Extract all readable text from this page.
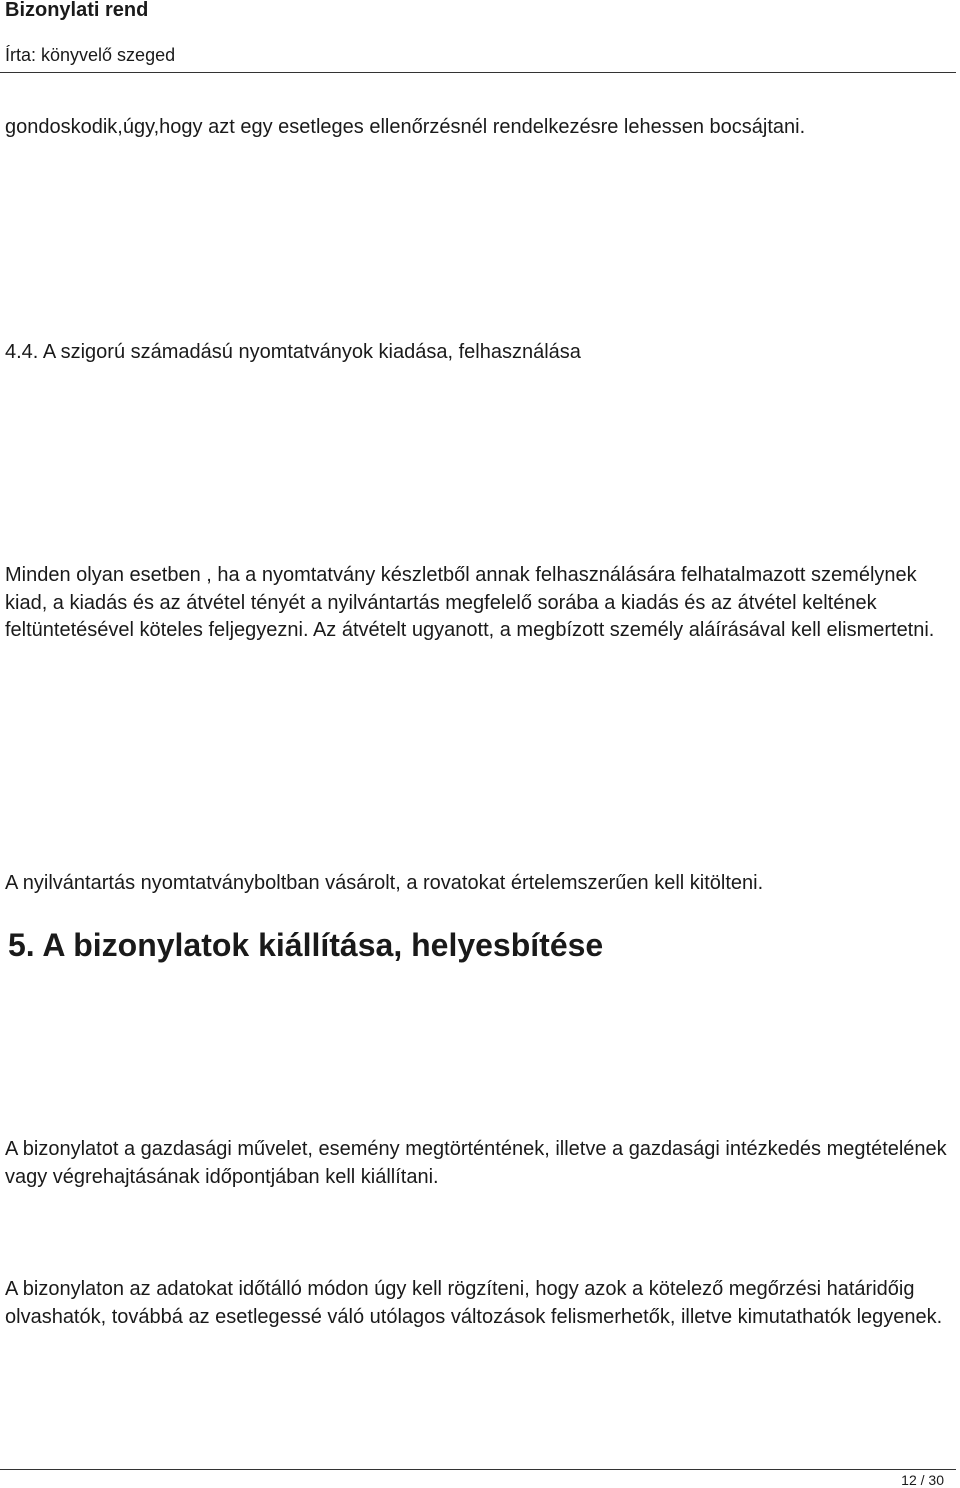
Bizonylati rend
Írta: könyvelő szeged

gondoskodik,úgy,hogy azt egy esetleges ellenőrzésnél rendelkezésre lehessen bocsájtani.

4.4. A szigorú számadású nyomtatványok kiadása, felhasználása

Minden olyan esetben , ha a nyomtatvány készletből annak felhasználására felhatalmazott személynek kiad, a kiadás és az átvétel tényét a nyilvántartás megfelelő sorába a kiadás és az átvétel keltének feltüntetésével köteles feljegyezni. Az átvételt ugyanott, a megbízott személy aláírásával kell elismertetni.

A nyilvántartás nyomtatványboltban vásárolt, a rovatokat értelemszerűen kell kitölteni.

5. A bizonylatok kiállítása, helyesbítése

A bizonylatot a gazdasági művelet, esemény megtörténtének, illetve a gazdasági intézkedés megtételének vagy végrehajtásának időpontjában kell kiállítani.

A bizonylaton az adatokat időtálló módon úgy kell rögzíteni, hogy azok a kötelező megőrzési határidőig olvashatók, továbbá az esetlegessé váló utólagos változások felismerhetők, illetve kimutathatók legyenek.

12 / 30
